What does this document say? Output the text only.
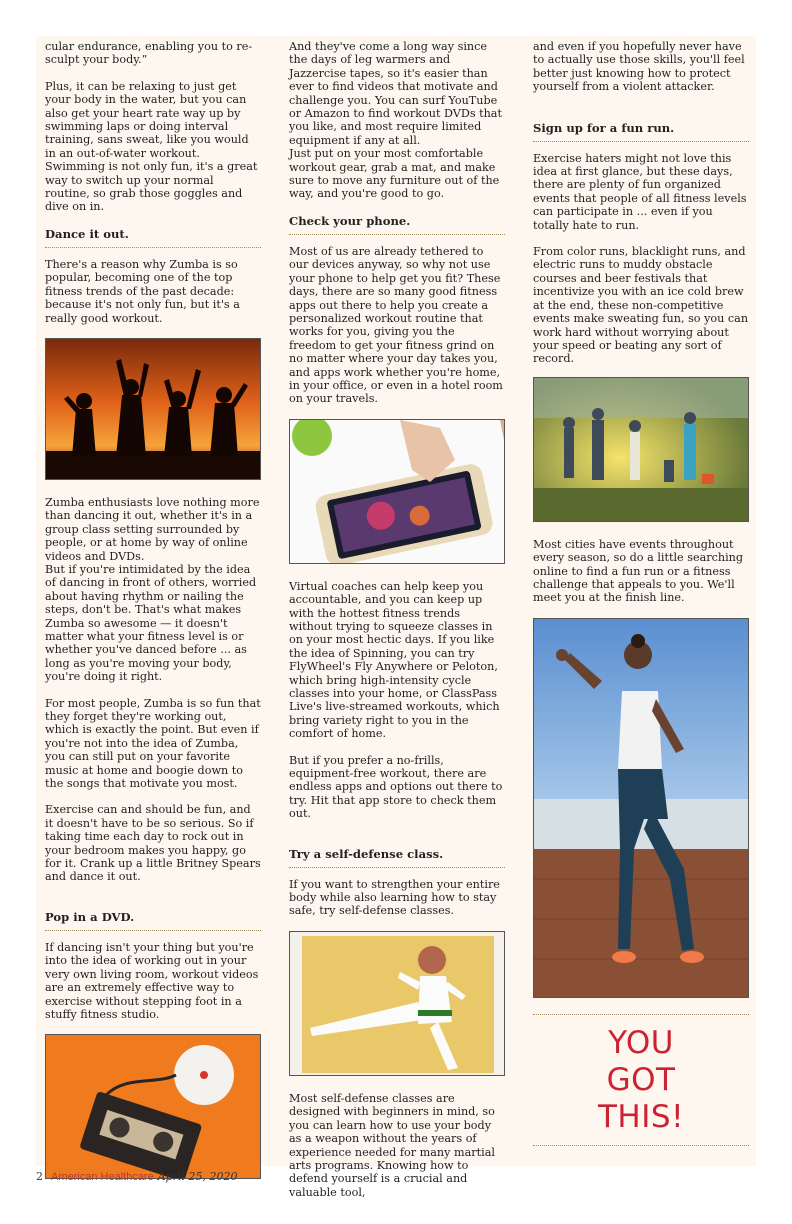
cular endurance, enabling you to re-sculpt your body.”

Plus, it can be relaxing to just get your body in the water, but you can also get your heart rate way up by swimming laps or doing interval training, sans sweat, like you would in an out-of-water workout. Swimming is not only fun, it's a great way to switch up your normal routine, so grab those goggles and dive on in.

Dance it out.

There's a reason why Zumba is so popular, becoming one of the top fitness trends of the past decade: because it's not only fun, but it's a really good workout.

Zumba enthusiasts love nothing more than dancing it out, whether it's in a group class setting surrounded by people, or at home by way of online videos and DVDs.

But if you're intimidated by the idea of dancing in front of others, worried about having rhythm or nailing the steps, don't be. That's what makes Zumba so awesome — it doesn't matter what your fitness level is or whether you've danced before ... as long as you're moving your body, you're doing it right.

For most people, Zumba is so fun that they forget they're working out, which is exactly the point. But even if you're not into the idea of Zumba, you can still put on your favorite music at home and boogie down to the songs that motivate you most.

Exercise can and should be fun, and it doesn't have to be so serious. So if taking time each day to rock out in your bedroom makes you happy, go for it. Crank up a little Britney Spears and dance it out.

Pop in a DVD.

If dancing isn't your thing but you're into the idea of working out in your very own living room, workout videos are an extremely effective way to exercise without stepping foot in a stuffy fitness studio.

And they've come a long way since the days of leg warmers and Jazzercise tapes, so it's easier than ever to find videos that motivate and challenge you. You can surf YouTube or Amazon to find workout DVDs that you like, and most require limited equipment if any at all.

Just put on your most comfortable workout gear, grab a mat, and make sure to move any furniture out of the way, and you're good to go.

Check your phone.

Most of us are already tethered to our devices anyway, so why not use your phone to help get you fit? These days, there are so many good fitness apps out there to help you create a personalized workout routine that works for you, giving you the freedom to get your fitness grind on no matter where your day takes you, and apps work whether you're home, in your office, or even in a hotel room on your travels.

Virtual coaches can help keep you accountable, and you can keep up with the hottest fitness trends without trying to squeeze classes in on your most hectic days. If you like the idea of Spinning, you can try FlyWheel's Fly Anywhere or Peloton, which bring high-intensity cycle classes into your home, or ClassPass Live's live-streamed workouts, which bring variety right to you in the comfort of home.

But if you prefer a no-frills, equipment-free workout, there are endless apps and options out there to try. Hit that app store to check them out.

Try a self-defense class.

If you want to strengthen your entire body while also learning how to stay safe, try self-defense classes.

Most self-defense classes are designed with beginners in mind, so you can learn how to use your body as a weapon without the years of experience needed for many martial arts programs. Knowing how to defend yourself is a crucial and valuable tool,

and even if you hopefully never have to actually use those skills, you'll feel better just knowing how to protect yourself from a violent attacker.

Sign up for a fun run.

Exercise haters might not love this idea at first glance, but these days, there are plenty of fun organized events that people of all fitness levels can participate in ... even if you totally hate to run.

From color runs, blacklight runs, and electric runs to muddy obstacle courses and beer festivals that incentivize you with an ice cold brew at the end, these non-competitive events make sweating fun, so you can work hard without worrying about your speed or beating any sort of record.

Most cities have events throughout every season, so do a little searching online to find a fun run or a fitness challenge that appeals to you. We'll meet you at the finish line.

YOU
GOT
THIS!
2 American Healthcare April 25, 2020
